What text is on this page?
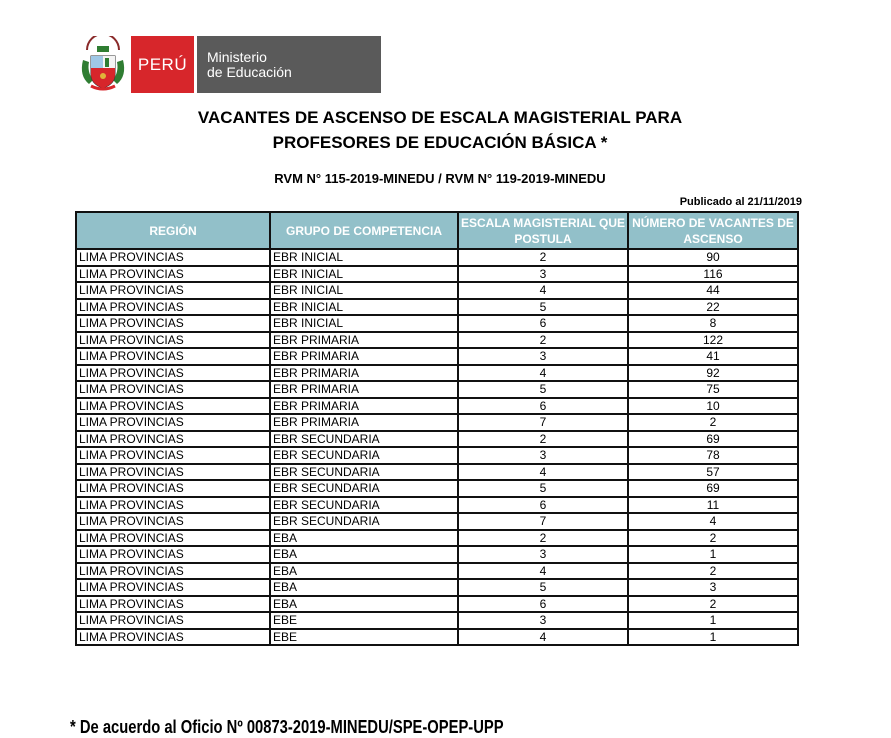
PERÚ	Ministerio
de Educación
VACANTES DE ASCENSO DE ESCALA MAGISTERIAL PARA
PROFESORES DE EDUCACIÓN BÁSICA *
RVM N° 115-2019-MINEDU / RVM N° 119-2019-MINEDU
Publicado al 21/11/2019
REGIÓN	GRUPO DE COMPETENCIA	ESCALA MAGISTERIAL QUE POSTULA	NÚMERO DE VACANTES DE ASCENSO
LIMA PROVINCIAS	EBR INICIAL	2	90
LIMA PROVINCIAS	EBR INICIAL	3	116
LIMA PROVINCIAS	EBR INICIAL	4	44
LIMA PROVINCIAS	EBR INICIAL	5	22
LIMA PROVINCIAS	EBR INICIAL	6	8
LIMA PROVINCIAS	EBR PRIMARIA	2	122
LIMA PROVINCIAS	EBR PRIMARIA	3	41
LIMA PROVINCIAS	EBR PRIMARIA	4	92
LIMA PROVINCIAS	EBR PRIMARIA	5	75
LIMA PROVINCIAS	EBR PRIMARIA	6	10
LIMA PROVINCIAS	EBR PRIMARIA	7	2
LIMA PROVINCIAS	EBR SECUNDARIA	2	69
LIMA PROVINCIAS	EBR SECUNDARIA	3	78
LIMA PROVINCIAS	EBR SECUNDARIA	4	57
LIMA PROVINCIAS	EBR SECUNDARIA	5	69
LIMA PROVINCIAS	EBR SECUNDARIA	6	11
LIMA PROVINCIAS	EBR SECUNDARIA	7	4
LIMA PROVINCIAS	EBA	2	2
LIMA PROVINCIAS	EBA	3	1
LIMA PROVINCIAS	EBA	4	2
LIMA PROVINCIAS	EBA	5	3
LIMA PROVINCIAS	EBA	6	2
LIMA PROVINCIAS	EBE	3	1
LIMA PROVINCIAS	EBE	4	1
* De acuerdo al Oficio Nº 00873-2019-MINEDU/SPE-OPEP-UPP
